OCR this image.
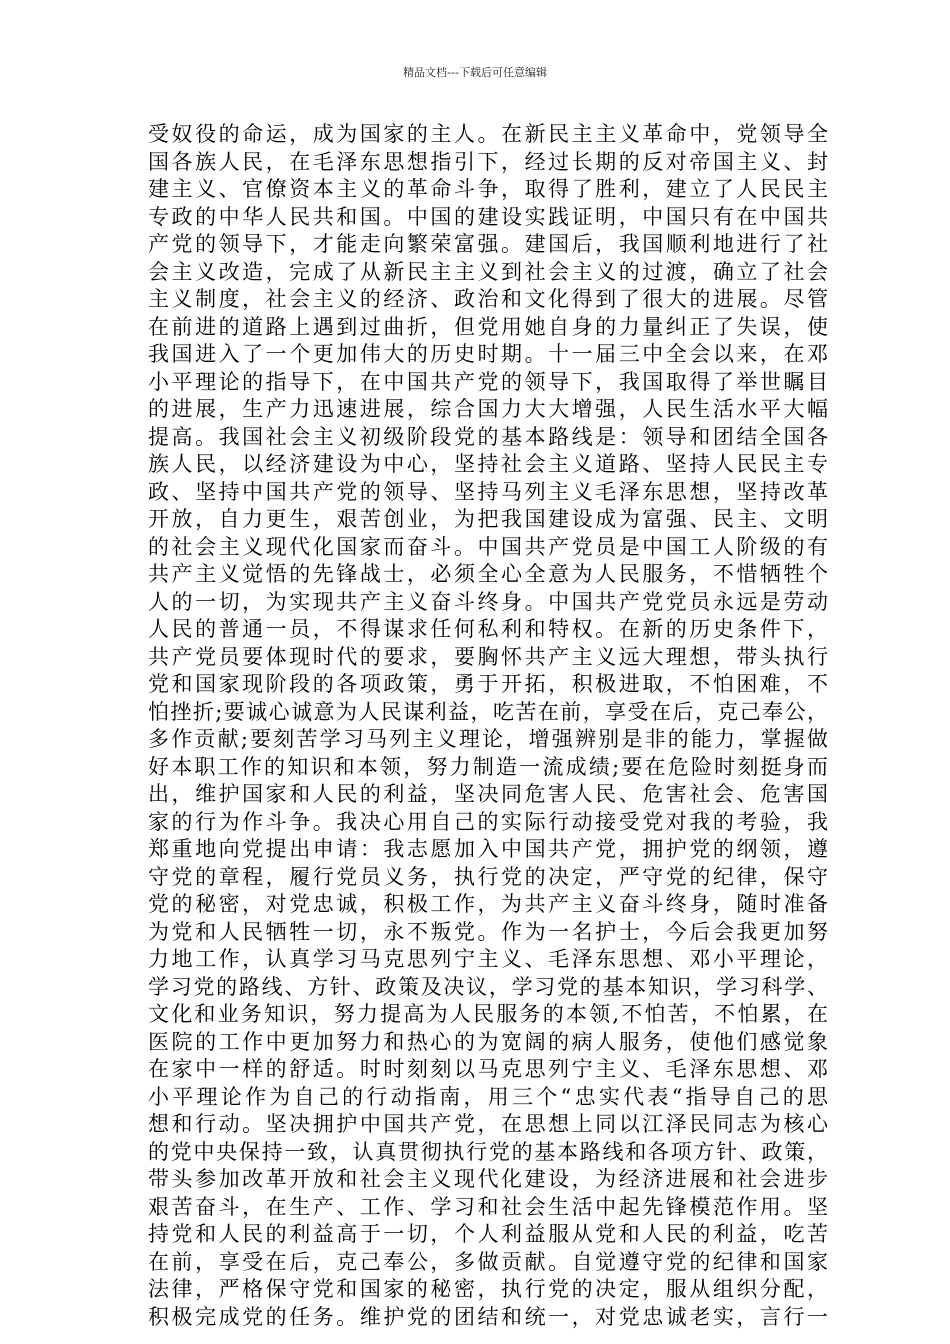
精品文档---下载后可任意编辑
受奴役的命运，成为国家的主人。在新民主主义革命中，党领导全
国各族人民，在毛泽东思想指引下，经过长期的反对帝国主义、封
建主义、官僚资本主义的革命斗争，取得了胜利，建立了人民民主
专政的中华人民共和国。中国的建设实践证明，中国只有在中国共
产党的领导下，才能走向繁荣富强。建国后，我国顺利地进行了社
会主义改造，完成了从新民主主义到社会主义的过渡，确立了社会
主义制度，社会主义的经济、政治和文化得到了很大的进展。尽管
在前进的道路上遇到过曲折，但党用她自身的力量纠正了失误，使
我国进入了一个更加伟大的历史时期。十一届三中全会以来，在邓
小平理论的指导下，在中国共产党的领导下，我国取得了举世瞩目
的进展，生产力迅速进展，综合国力大大增强，人民生活水平大幅
提高。我国社会主义初级阶段党的基本路线是：领导和团结全国各
族人民，以经济建设为中心，坚持社会主义道路、坚持人民民主专
政、坚持中国共产党的领导、坚持马列主义毛泽东思想，坚持改革
开放，自力更生，艰苦创业，为把我国建设成为富强、民主、文明
的社会主义现代化国家而奋斗。中国共产党员是中国工人阶级的有
共产主义觉悟的先锋战士，必须全心全意为人民服务，不惜牺牲个
人的一切，为实现共产主义奋斗终身。中国共产党党员永远是劳动
人民的普通一员，不得谋求任何私利和特权。在新的历史条件下，
共产党员要体现时代的要求，要胸怀共产主义远大理想，带头执行
党和国家现阶段的各项政策，勇于开拓，积极进取，不怕困难，不
怕挫折;要诚心诚意为人民谋利益，吃苦在前，享受在后，克己奉公，
多作贡献;要刻苦学习马列主义理论，增强辨别是非的能力，掌握做
好本职工作的知识和本领，努力制造一流成绩;要在危险时刻挺身而
出，维护国家和人民的利益，坚决同危害人民、危害社会、危害国
家的行为作斗争。我决心用自己的实际行动接受党对我的考验，我
郑重地向党提出申请：我志愿加入中国共产党，拥护党的纲领，遵
守党的章程，履行党员义务，执行党的决定，严守党的纪律，保守
党的秘密，对党忠诚，积极工作，为共产主义奋斗终身，随时准备
为党和人民牺牲一切，永不叛党。作为一名护士，今后会我更加努
力地工作，认真学习马克思列宁主义、毛泽东思想、邓小平理论，
学习党的路线、方针、政策及决议，学习党的基本知识，学习科学、
文化和业务知识，努力提高为人民服务的本领,不怕苦，不怕累，在
医院的工作中更加努力和热心的为宽阔的病人服务，使他们感觉象
在家中一样的舒适。时时刻刻以马克思列宁主义、毛泽东思想、邓
小平理论作为自己的行动指南，用三个“忠实代表“指导自己的思
想和行动。坚决拥护中国共产党，在思想上同以江泽民同志为核心
的党中央保持一致，认真贯彻执行党的基本路线和各项方针、政策，
带头参加改革开放和社会主义现代化建设，为经济进展和社会进步
艰苦奋斗，在生产、工作、学习和社会生活中起先锋模范作用。坚
持党和人民的利益高于一切，个人利益服从党和人民的利益，吃苦
在前，享受在后，克己奉公，多做贡献。自觉遵守党的纪律和国家
法律，严格保守党和国家的秘密，执行党的决定，服从组织分配，
积极完成党的任务。维护党的团结和统一，对党忠诚老实，言行一
